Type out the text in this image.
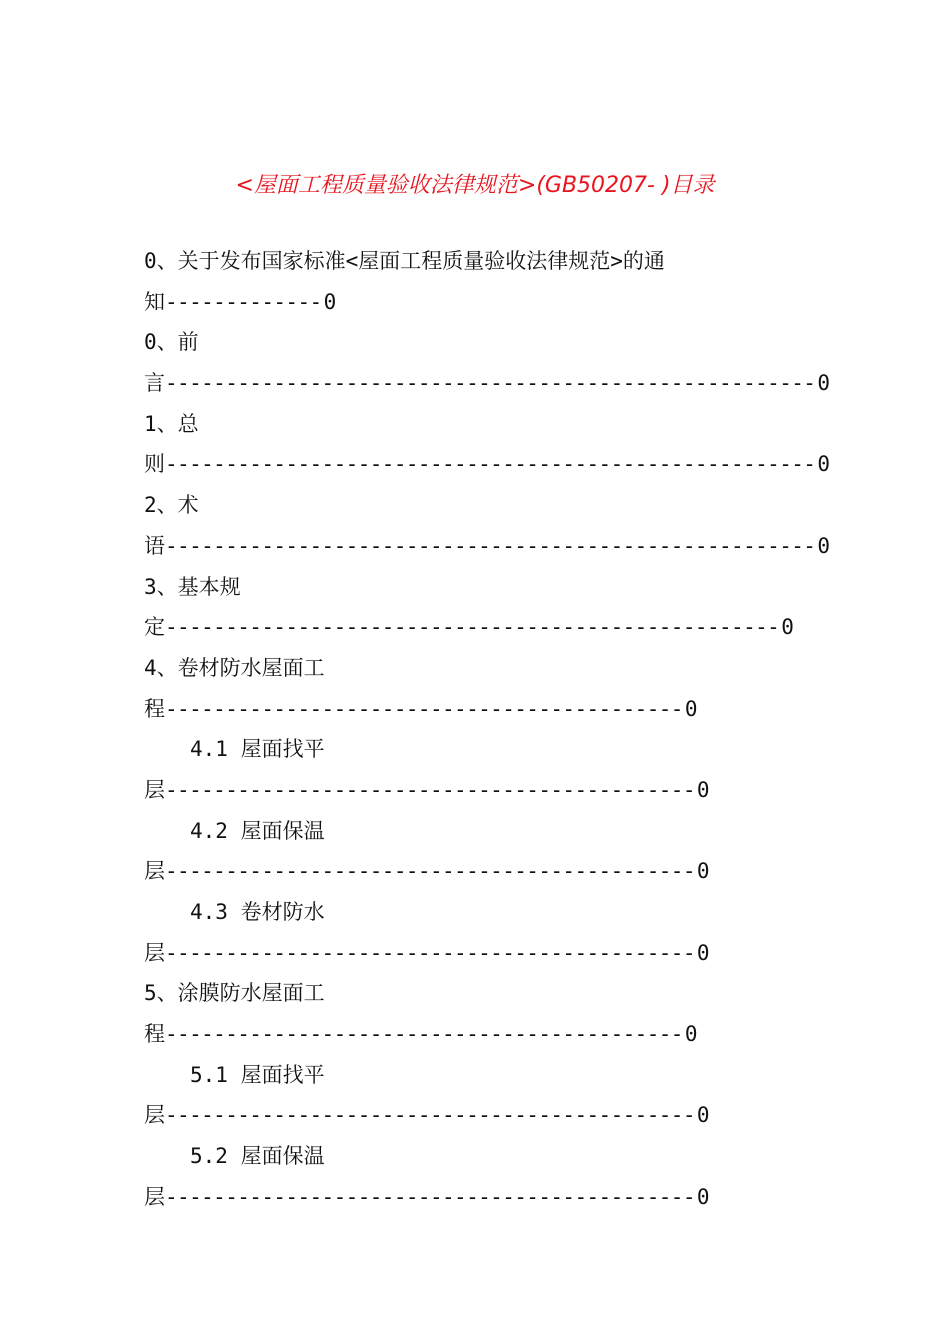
<屋面工程质量验收法律规范>(GB50207- )目录
0、关于发布国家标准<屋面工程质量验收法律规范>的通
知-------------0
0、前
言------------------------------------------------------0
1、总
则------------------------------------------------------0
2、术
语------------------------------------------------------0
3、基本规
定---------------------------------------------------0
4、卷材防水屋面工
程-------------------------------------------0
4.1 屋面找平
层--------------------------------------------0
4.2 屋面保温
层--------------------------------------------0
4.3 卷材防水
层--------------------------------------------0
5、涂膜防水屋面工
程-------------------------------------------0
5.1 屋面找平
层--------------------------------------------0
5.2 屋面保温
层--------------------------------------------0
